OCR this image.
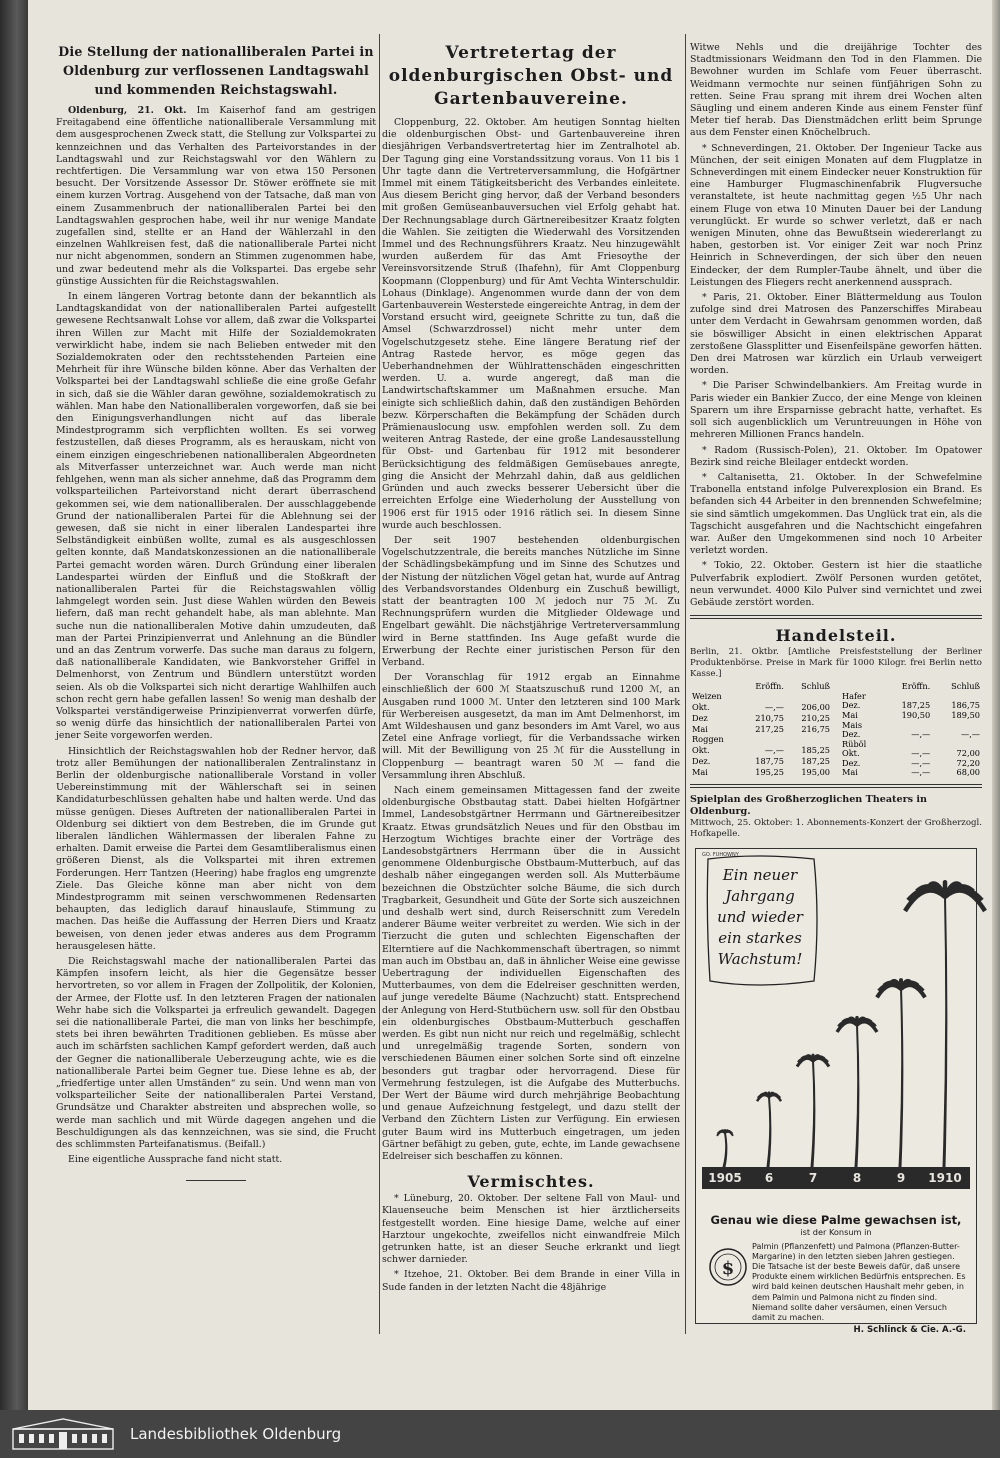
Die Stellung der nationalliberalen Partei in Oldenburg zur verflossenen Landtagswahl und kommenden Reichstagswahl.

Oldenburg, 21. Okt. Im Kaiserhof fand am gestrigen Freitagabend eine öffentliche nationalliberale Versammlung mit dem ausgesprochenen Zweck statt, die Stellung zur Volkspartei zu kennzeichnen und das Verhalten des Parteivorstandes in der Landtagswahl und zur Reichstagswahl vor den Wählern zu rechtfertigen. Die Versammlung war von etwa 150 Personen besucht. Der Vorsitzende Assessor Dr. Stöwer eröffnete sie mit einem kurzen Vortrag. Ausgehend von der Tatsache, daß man von einem Zusammenbruch der nationalliberalen Partei bei den Landtagswahlen gesprochen habe, weil ihr nur wenige Mandate zugefallen sind, stellte er an Hand der Wählerzahl in den einzelnen Wahlkreisen fest, daß die nationalliberale Partei nicht nur nicht abgenommen, sondern an Stimmen zugenommen habe, und zwar bedeutend mehr als die Volkspartei. Das ergebe sehr günstige Aussichten für die Reichstagswahlen.

In einem längeren Vortrag betonte dann der bekanntlich als Landtagskandidat von der nationalliberalen Partei aufgestellt gewesene Rechtsanwalt Lohse vor allem, daß zwar die Volkspartei ihren Willen zur Macht mit Hilfe der Sozialdemokraten verwirklicht habe, indem sie nach Belieben entweder mit den Sozialdemokraten oder den rechtsstehenden Parteien eine Mehrheit für ihre Wünsche bilden könne. Aber das Verhalten der Volkspartei bei der Landtagswahl schließe die eine große Gefahr in sich, daß sie die Wähler daran gewöhne, sozialdemokratisch zu wählen. Man habe den Nationalliberalen vorgeworfen, daß sie bei den Einigungsverhandlungen nicht auf das liberale Mindestprogramm sich verpflichten wollten. Es sei vorweg festzustellen, daß dieses Programm, als es herauskam, nicht von einem einzigen eingeschriebenen nationalliberalen Abgeordneten als Mitverfasser unterzeichnet war. Auch werde man nicht fehlgehen, wenn man als sicher annehme, daß das Programm dem volksparteilichen Parteivorstand nicht derart überraschend gekommen sei, wie dem nationalliberalen. Der ausschlaggebende Grund der nationalliberalen Partei für die Ablehnung sei der gewesen, daß sie nicht in einer liberalen Landespartei ihre Selbständigkeit einbüßen wollte, zumal es als ausgeschlossen gelten konnte, daß Mandatskonzessionen an die nationalliberale Partei gemacht worden wären. Durch Gründung einer liberalen Landespartei würden der Einfluß und die Stoßkraft der nationalliberalen Partei für die Reichstagswahlen völlig lahmgelegt worden sein. Just diese Wahlen würden den Beweis liefern, daß man recht gehandelt habe, als man ablehnte. Man suche nun die nationalliberalen Motive dahin umzudeuten, daß man der Partei Prinzipienverrat und Anlehnung an die Bündler und an das Zentrum vorwerfe. Das suche man daraus zu folgern, daß nationalliberale Kandidaten, wie Bankvorsteher Griffel in Delmenhorst, von Zentrum und Bündlern unterstützt worden seien. Als ob die Volkspartei sich nicht derartige Wahlhilfen auch schon recht gern habe gefallen lassen! So wenig man deshalb der Volkspartei verständigerweise Prinzipienverrat vorwerfen dürfe, so wenig dürfe das hinsichtlich der nationalliberalen Partei von jener Seite vorgeworfen werden.

Hinsichtlich der Reichstagswahlen hob der Redner hervor, daß trotz aller Bemühungen der nationalliberalen Zentralinstanz in Berlin der oldenburgische nationalliberale Vorstand in voller Uebereinstimmung mit der Wählerschaft sei in seinen Kandidaturbeschlüssen gehalten habe und halten werde. Und das müsse genügen. Dieses Auftreten der nationalliberalen Partei in Oldenburg sei diktiert von dem Bestreben, die im Grunde gut liberalen ländlichen Wählermassen der liberalen Fahne zu erhalten. Damit erweise die Partei dem Gesamtliberalismus einen größeren Dienst, als die Volkspartei mit ihren extremen Forderungen. Herr Tantzen (Heering) habe fraglos eng umgrenzte Ziele. Das Gleiche könne man aber nicht von dem Mindestprogramm mit seinen verschwommenen Redensarten behaupten, das lediglich darauf hinauslaufe, Stimmung zu machen. Das heiße die Auffassung der Herren Diers und Kraatz beweisen, von denen jeder etwas anderes aus dem Programm herausgelesen hätte.

Die Reichstagswahl mache der nationalliberalen Partei das Kämpfen insofern leicht, als hier die Gegensätze besser hervortreten, so vor allem in Fragen der Zollpolitik, der Kolonien, der Armee, der Flotte usf. In den letzteren Fragen der nationalen Wehr habe sich die Volkspartei ja erfreulich gewandelt. Dagegen sei die nationalliberale Partei, die man von links her beschimpfe, stets bei ihren bewährten Traditionen geblieben. Es müsse aber auch im schärfsten sachlichen Kampf gefordert werden, daß auch der Gegner die nationalliberale Ueberzeugung achte, wie es die nationalliberale Partei beim Gegner tue. Diese lehne es ab, der „friedfertige unter allen Umständen“ zu sein. Und wenn man von volksparteilicher Seite der nationalliberalen Partei Verstand, Grundsätze und Charakter abstreiten und absprechen wolle, so werde man sachlich und mit Würde dagegen angehen und die Beschuldigungen als das kennzeichnen, was sie sind, die Frucht des schlimmsten Parteifanatismus. (Beifall.)

Eine eigentliche Aussprache fand nicht statt.

Vertretertag der oldenburgischen Obst- und Gartenbauvereine.

Cloppenburg, 22. Oktober. Am heutigen Sonntag hielten die oldenburgischen Obst- und Gartenbauvereine ihren diesjährigen Verbandsvertretertag hier im Zentralhotel ab. Der Tagung ging eine Vorstandssitzung voraus. Von 11 bis 1 Uhr tagte dann die Vertreterversammlung, die Hofgärtner Immel mit einem Tätigkeitsbericht des Verbandes einleitete. Aus diesem Bericht ging hervor, daß der Verband besonders mit großen Gemüseanbauversuchen viel Erfolg gehabt hat. Der Rechnungsablage durch Gärtnereibesitzer Kraatz folgten die Wahlen. Sie zeitigten die Wiederwahl des Vorsitzenden Immel und des Rechnungsführers Kraatz. Neu hinzugewählt wurden außerdem für das Amt Friesoythe der Vereinsvorsitzende Struß (Ihafehn), für Amt Cloppenburg Koopmann (Cloppenburg) und für Amt Vechta Winterschuldir. Lohaus (Dinklage). Angenommen wurde dann der von dem Gartenbauverein Westerstede eingereichte Antrag, in dem der Vorstand ersucht wird, geeignete Schritte zu tun, daß die Amsel (Schwarzdrossel) nicht mehr unter dem Vogelschutzgesetz stehe. Eine längere Beratung rief der Antrag Rastede hervor, es möge gegen das Ueberhandnehmen der Wühlrattenschäden eingeschritten werden. U. a. wurde angeregt, daß man die Landwirtschaftskammer um Maßnahmen ersuche. Man einigte sich schließlich dahin, daß den zuständigen Behörden bezw. Körperschaften die Bekämpfung der Schäden durch Prämienausloсung usw. empfohlen werden soll. Zu dem weiteren Antrag Rastede, der eine große Landesausstellung für Obst- und Gartenbau für 1912 mit besonderer Berücksichtigung des feldmäßigen Gemüsebaues anregte, ging die Ansicht der Mehrzahl dahin, daß aus geldlichen Gründen und auch zwecks besserer Uebersicht über die erreichten Erfolge eine Wiederholung der Ausstellung von 1906 erst für 1915 oder 1916 rätlich sei. In diesem Sinne wurde auch beschlossen.

Der seit 1907 bestehenden oldenburgischen Vogelschutzzentrale, die bereits manches Nützliche im Sinne der Schädlingsbekämpfung und im Sinne des Schutzes und der Nistung der nützlichen Vögel getan hat, wurde auf Antrag des Verbandsvorstandes Oldenburg ein Zuschuß bewilligt, statt der beantragten 100 ℳ jedoch nur 75 ℳ. Zu Rechnungsprüfern wurden die Mitglieder Oldewage und Engelbart gewählt. Die nächstjährige Vertreterversammlung wird in Berne stattfinden. Ins Auge gefaßt wurde die Erwerbung der Rechte einer juristischen Person für den Verband.

Der Voranschlag für 1912 ergab an Einnahme einschließlich der 600 ℳ Staatszuschuß rund 1200 ℳ, an Ausgaben rund 1000 ℳ. Unter den letzteren sind 100 Mark für Werbereisen ausgesetzt, da man im Amt Delmenhorst, im Amt Wildeshausen und ganz besonders im Amt Varel, wo aus Zetel eine Anfrage vorliegt, für die Verbandssache wirken will. Mit der Bewilligung von 25 ℳ für die Ausstellung in Cloppenburg — beantragt waren 50 ℳ — fand die Versammlung ihren Abschluß.

Nach einem gemeinsamen Mittagessen fand der zweite oldenburgische Obstbautag statt. Dabei hielten Hofgärtner Immel, Landesobstgärtner Herrmann und Gärtnereibesitzer Kraatz. Etwas grundsätzlich Neues und für den Obstbau im Herzogtum Wichtiges brachte einer der Vorträge des Landesobstgärtners Herrmann über die in Aussicht genommene Oldenburgische Obstbaum-Mutterbuch, auf das deshalb näher eingegangen werden soll. Als Mutterbäume bezeichnen die Obstzüchter solche Bäume, die sich durch Tragbarkeit, Gesundheit und Güte der Sorte sich auszeichnen und deshalb wert sind, durch Reiserschnitt zum Veredeln anderer Bäume weiter verbreitet zu werden. Wie sich in der Tierzucht die guten und schlechten Eigenschaften der Elterntiere auf die Nachkommenschaft übertragen, so nimmt man auch im Obstbau an, daß in ähnlicher Weise eine gewisse Uebertragung der individuellen Eigenschaften des Mutterbaumes, von dem die Edelreiser geschnitten werden, auf junge veredelte Bäume (Nachzucht) statt. Entsprechend der Anlegung von Herd-Stutbüchern usw. soll für den Obstbau ein oldenburgisches Obstbaum-Mutterbuch geschaffen werden. Es gibt nun nicht nur reich und regelmäßig, schlecht und unregelmäßig tragende Sorten, sondern von verschiedenen Bäumen einer solchen Sorte sind oft einzelne besonders gut tragbar oder hervorragend. Diese für Vermehrung festzulegen, ist die Aufgabe des Mutterbuchs. Der Wert der Bäume wird durch mehrjährige Beobachtung und genaue Aufzeichnung festgelegt, und dazu stellt der Verband den Züchtern Listen zur Verfügung. Ein erwiesen guter Baum wird ins Mutterbuch eingetragen, um jeden Gärtner befähigt zu geben, gute, echte, im Lande gewachsene Edelreiser sich beschaffen zu können.

Vermischtes.

* Lüneburg, 20. Oktober. Der seltene Fall von Maul- und Klauenseuche beim Menschen ist hier ärztlicherseits festgestellt worden. Eine hiesige Dame, welche auf einer Harztour ungekochte, zweifellos nicht einwandfreie Milch getrunken hatte, ist an dieser Seuche erkrankt und liegt schwer darnieder.

* Itzehoe, 21. Oktober. Bei dem Brande in einer Villa in Sude fanden in der letzten Nacht die 48jährige

Witwe Nehls und die dreijährige Tochter des Stadtmissionars Weidmann den Tod in den Flammen. Die Bewohner wurden im Schlafe vom Feuer überrascht. Weidmann vermochte nur seinen fünfjährigen Sohn zu retten. Seine Frau sprang mit ihrem drei Wochen alten Säugling und einem anderen Kinde aus einem Fenster fünf Meter tief herab. Das Dienstmädchen erlitt beim Sprunge aus dem Fenster einen Knöchelbruch.

* Schneverdingen, 21. Oktober. Der Ingenieur Tacke aus München, der seit einigen Monaten auf dem Flugplatze in Schneverdingen mit einem Eindecker neuer Konstruktion für eine Hamburger Flugmaschinenfabrik Flugversuche veranstaltete, ist heute nachmittag gegen ½5 Uhr nach einem Fluge von etwa 10 Minuten Dauer bei der Landung verunglückt. Er wurde so schwer verletzt, daß er nach wenigen Minuten, ohne das Bewußtsein wiedererlangt zu haben, gestorben ist. Vor einiger Zeit war noch Prinz Heinrich in Schneverdingen, der sich über den neuen Eindecker, der dem Rumpler-Taube ähnelt, und über die Leistungen des Fliegers recht anerkennend aussprach.

* Paris, 21. Oktober. Einer Blättermeldung aus Toulon zufolge sind drei Matrosen des Panzerschiffes Mirabeau unter dem Verdacht in Gewahrsam genommen worden, daß sie böswilliger Absicht in einen elektrischen Apparat zerstoßene Glassplitter und Eisenfeilspäne geworfen hätten. Den drei Matrosen war kürzlich ein Urlaub verweigert worden.

* Die Pariser Schwindelbankiers. Am Freitag wurde in Paris wieder ein Bankier Zucco, der eine Menge von kleinen Sparern um ihre Ersparnisse gebracht hatte, verhaftet. Es soll sich augenblicklich um Veruntreuungen in Höhe von mehreren Millionen Francs handeln.

* Radom (Russisch-Polen), 21. Oktober. Im Opatower Bezirk sind reiche Bleilager entdeckt worden.

* Caltanisetta, 21. Oktober. In der Schwefelmine Trabonella entstand infolge Pulverexplosion ein Brand. Es befanden sich 44 Arbeiter in den brennenden Schwefelmine; sie sind sämtlich umgekommen. Das Unglück trat ein, als die Tagschicht ausgefahren und die Nachtschicht eingefahren war. Außer den Umgekommenen sind noch 10 Arbeiter verletzt worden.

* Tokio, 22. Oktober. Gestern ist hier die staatliche Pulverfabrik explodiert. Zwölf Personen wurden getötet, neun verwundet. 4000 Kilo Pulver sind vernichtet und zwei Gebäude zerstört worden.

Handelsteil.
Berlin, 21. Oktbr. [Amtliche Preisfeststellung der Berliner Produktenbörse. Preise in Mark für 1000 Kilogr. frei Berlin netto Kasse.]
	Eröffn.	Schluß
Weizen		
Okt.	—,—	206,00
Dez	210,75	210,25
Mai	217,25	216,75

Roggen		
Okt.	—,—	185,25
Dez.	187,75	187,25
Mai	195,25	195,00
	Eröffn.	Schluß
Hafer		
Dez.	187,25	186,75
Mai	190,50	189,50
Mais		
Dez.	—,—	—,—
Rüböl		
Okt.	—,—	72,00
Dez.	—,—	72,20
Mai	—,—	68,00

Spielplan des Großherzoglichen Theaters in Oldenburg.
Mittwoch, 25. Oktober: 1. Abonnements-Konzert der Großherzogl. Hofkapelle.
GO. FUHOWNY
Ein neuer
Jahrgang
und wieder
ein starkes
Wachstum!
1905 6	7	8	9 1910
Genau wie diese Palme gewachsen ist,
ist der Konsum in
$
Palmin (Pflanzenfett) und Palmona (Pflanzen-Butter-Margarine) in den letzten sieben Jahren gestiegen. Die Tatsache ist der beste Beweis dafür, daß unsere Produkte einem wirklichen Bedürfnis entsprechen. Es wird bald keinen deutschen Haushalt mehr geben, in dem Palmin und Palmona nicht zu finden sind. Niemand sollte daher versäumen, einen Versuch damit zu machen.
H. Schlinck & Cie. A.-G.
Landesbibliothek Oldenburg
